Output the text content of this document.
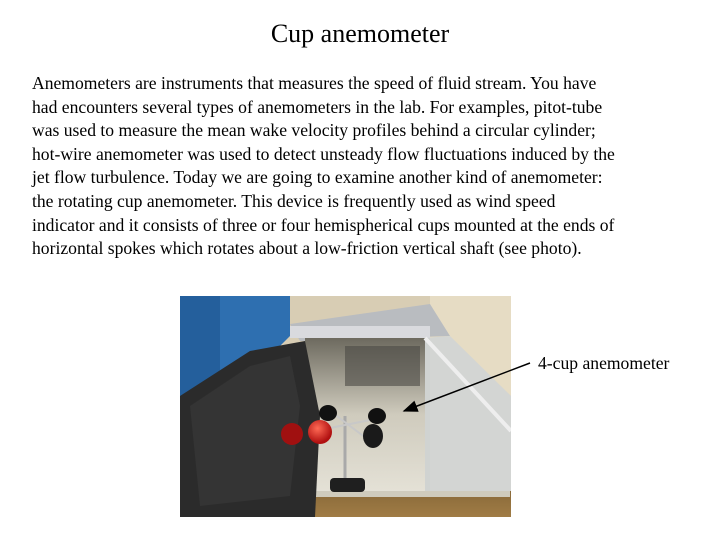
Cup anemometer
Anemometers are instruments that measures the speed of fluid stream. You have
had encounters several types of anemometers in the lab. For examples, pitot-tube
was used to measure the mean wake velocity profiles behind a circular cylinder;
hot-wire anemometer was used to detect unsteady flow fluctuations induced by the
jet flow turbulence. Today we are going to examine another kind of anemometer:
the rotating cup anemometer. This device is frequently used as wind speed
indicator and it consists of three or four hemispherical cups mounted at the ends of
horizontal spokes which rotates about a low-friction vertical shaft (see photo).
4-cup anemometer
